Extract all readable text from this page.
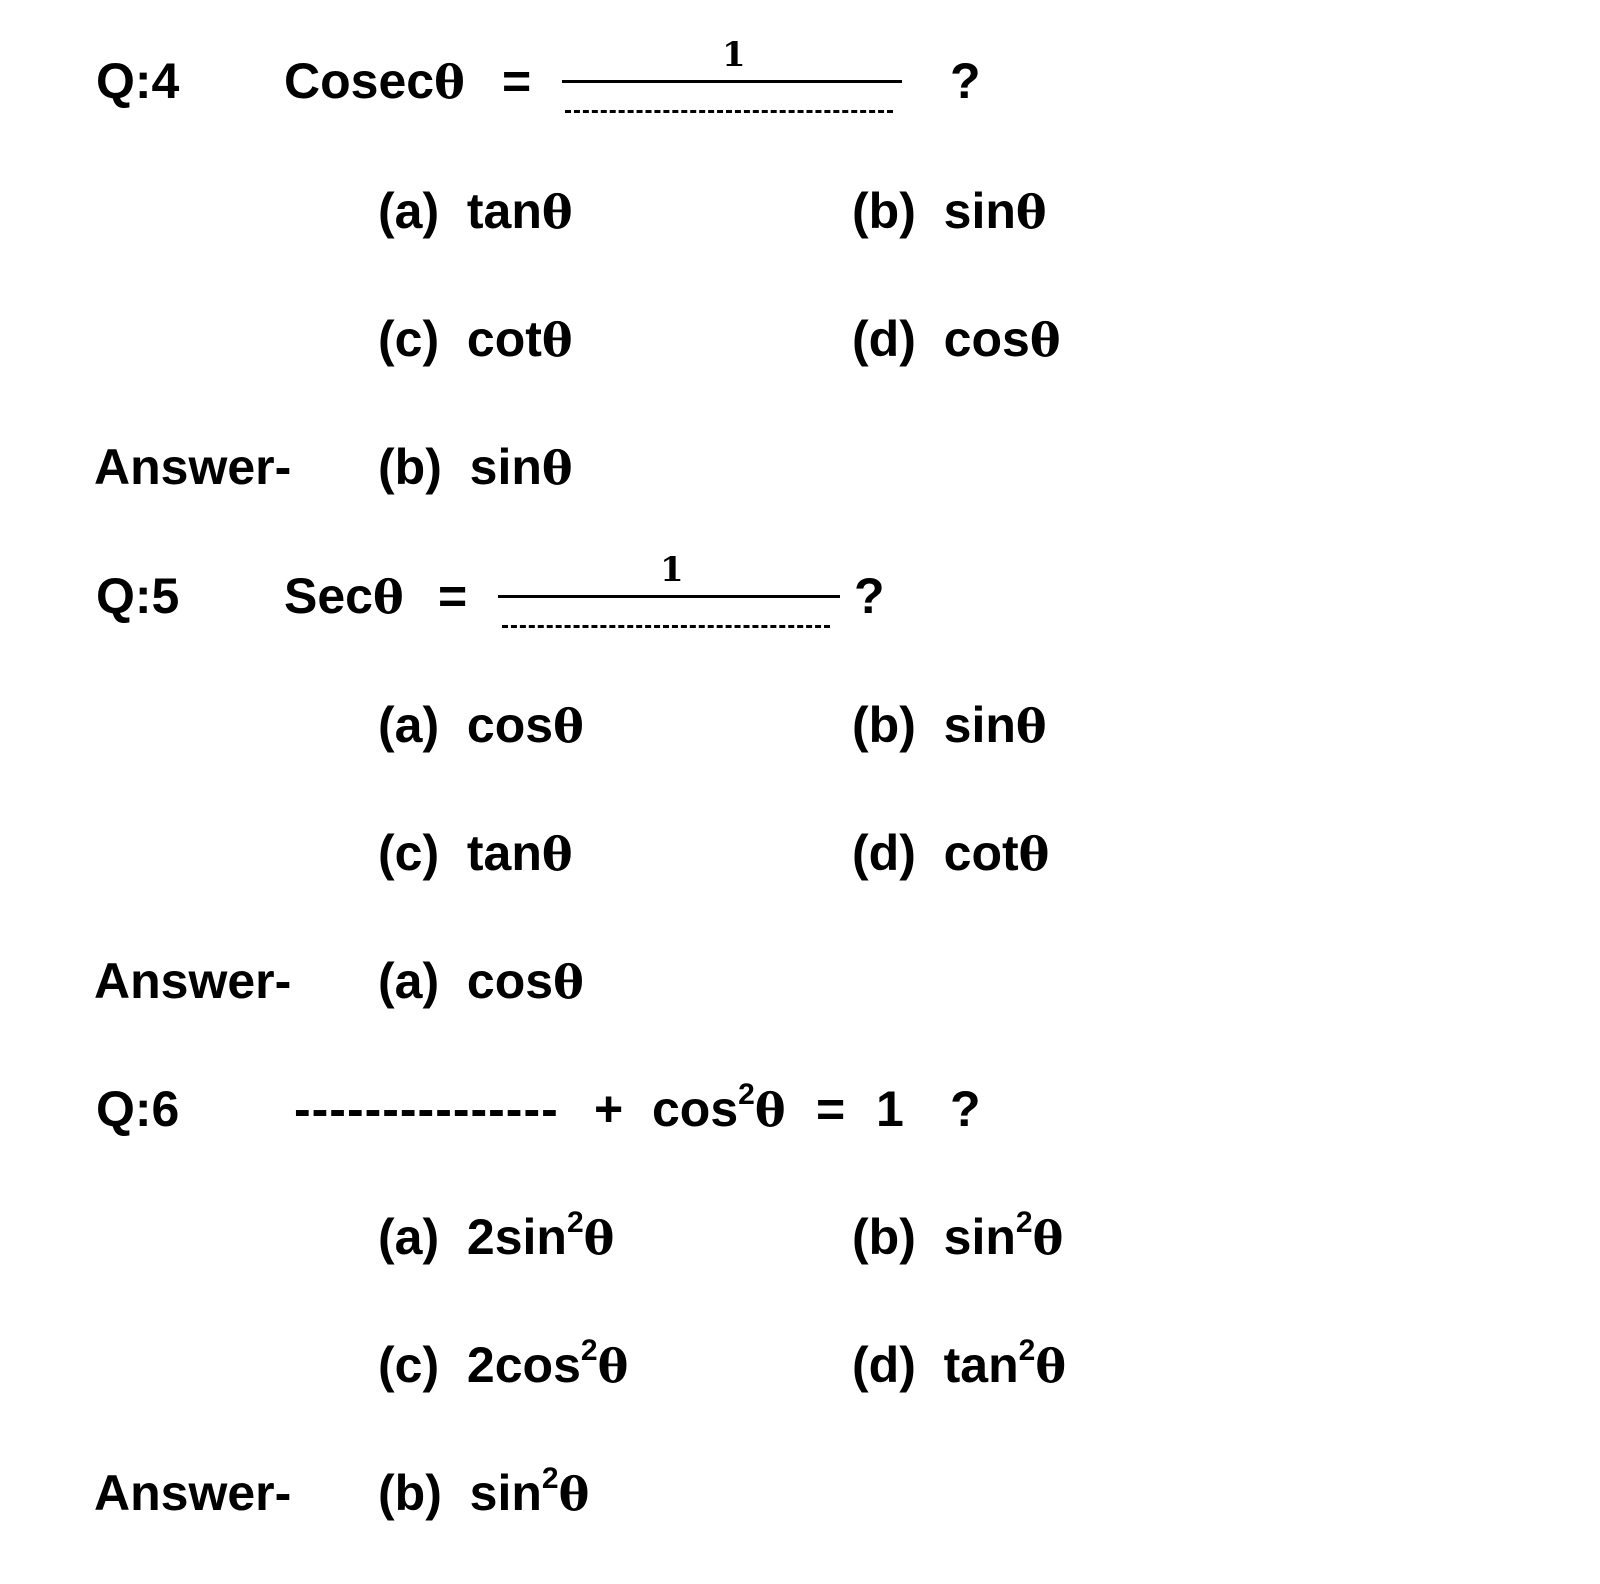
Q:4 Cosecθ =	1	?
(a) tanθ	(b) sinθ
(c) cotθ	(d) cosθ
Answer- (b) sinθ
Q:5 Secθ =	1	?
(a) cosθ	(b) sinθ
(c) tanθ	(d) cotθ
Answer- (a) cosθ
Q:6 --------------- + $\cos^2\theta = 1$ ?
(a) $2\sin^2\theta$	(b) $\sin^2\theta$
(c) $2\cos^2\theta$	(d) $\tan^2\theta$
Answer- (b) $\sin^2\theta$
